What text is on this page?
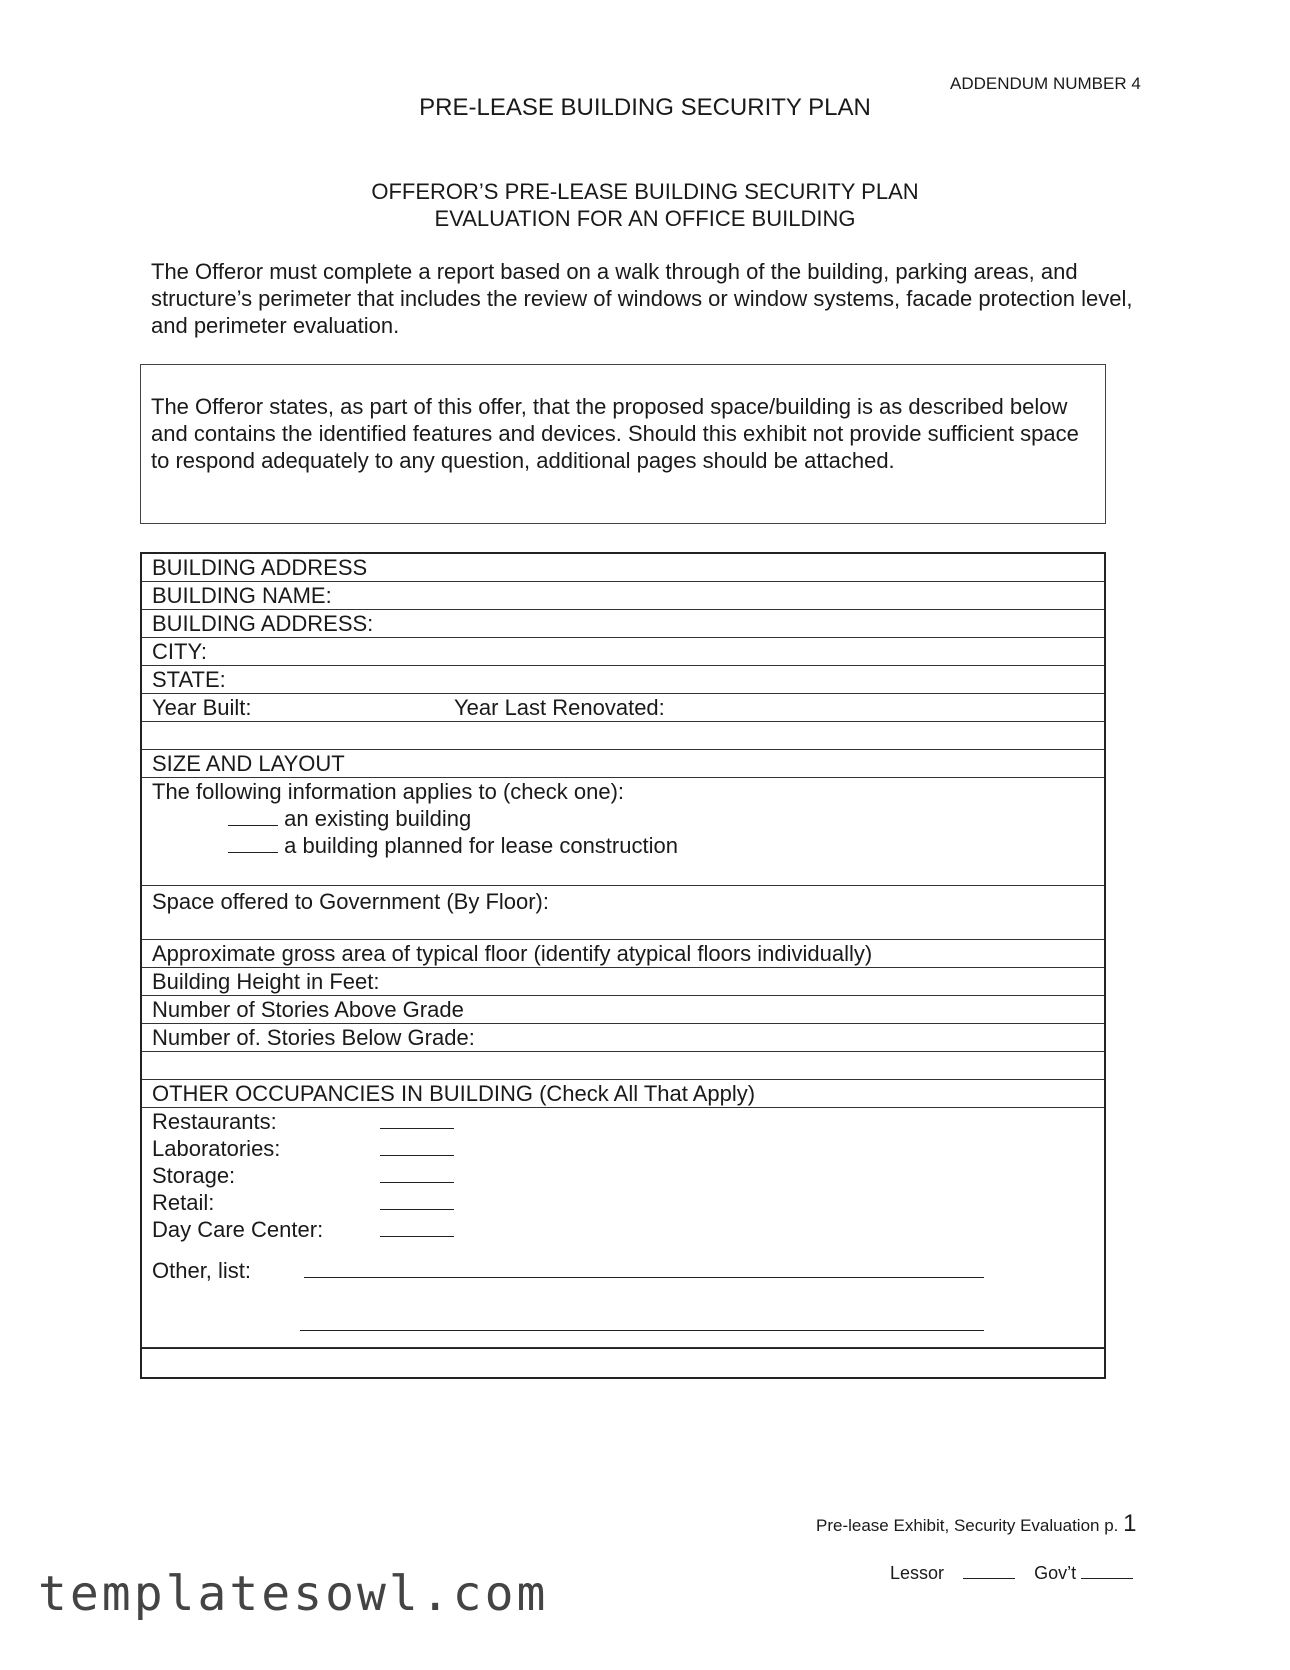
ADDENDUM NUMBER 4
PRE-LEASE BUILDING SECURITY PLAN
OFFEROR’S PRE-LEASE BUILDING SECURITY PLAN
EVALUATION FOR AN OFFICE BUILDING
The Offeror must complete a report based on a walk through of the building, parking areas, and structure’s perimeter that includes the review of windows or window systems, facade protection level, and perimeter evaluation.

The Offeror states, as part of this offer, that the proposed space/building is as described below and contains the identified features and devices. Should this exhibit not provide sufficient space to respond adequately to any question, additional pages should be attached.

BUILDING ADDRESS
BUILDING NAME:
BUILDING ADDRESS:
CITY:
STATE:
Year Built:	Year Last Renovated:
SIZE AND LAYOUT
The following information applies to (check one):
an existing building
a building planned for lease construction
Space offered to Government (By Floor):
Approximate gross area of typical floor (identify atypical floors individually)
Building Height in Feet:
Number of Stories Above Grade
Number of. Stories Below Grade:
OTHER OCCUPANCIES IN BUILDING (Check All That Apply)
Restaurants:
Laboratories:
Storage:
Retail:
Day Care Center:
Other, list:
Pre-lease Exhibit, Security Evaluation p. 1
Lessor	Gov’t
templatesowl.com
